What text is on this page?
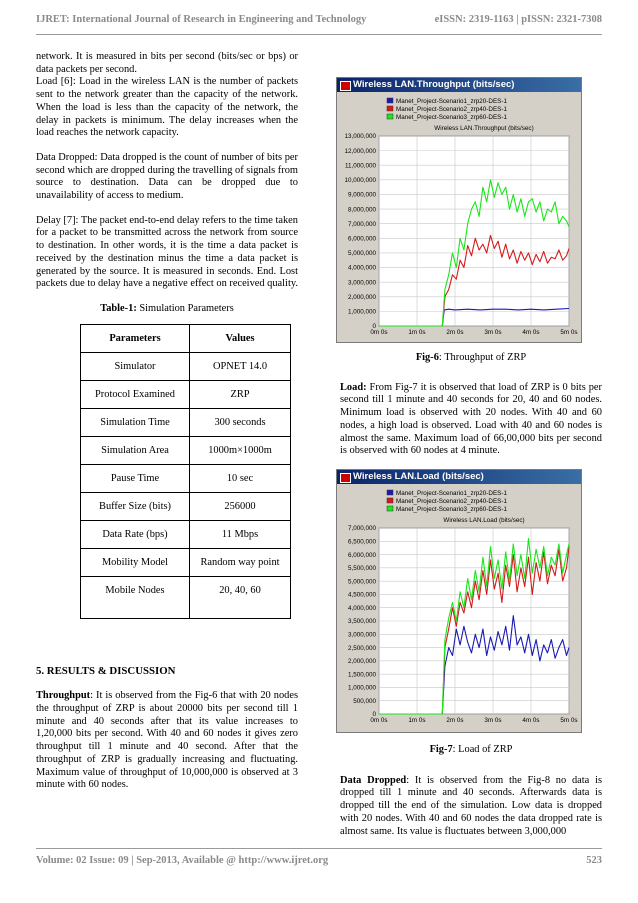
IJRET: International Journal of Research in Engineering and Technology	eISSN: 2319-1163 | pISSN: 2321-7308

network. It is measured in bits per second (bits/sec or bps) or data packets per second.

Load [6]: Load in the wireless LAN is the number of packets sent to the network greater than the capacity of the network. When the load is less than the capacity of the network, the delay in packets is minimum. The delay increases when the load reaches the network capacity.

Data Dropped: Data dropped is the count of number of bits per second which are dropped during the travelling of signals from source to destination. Data can be dropped due to unavailability of access to medium.

Delay [7]: The packet end-to-end delay refers to the time taken for a packet to be transmitted across the network from source to destination. In other words, it is the time a data packet is received by the destination minus the time a data packet is generated by the source. It is measured in seconds. End. Lost packets due to delay have a negative effect on received quality.

Table-1: Simulation Parameters
Parameters	Values
Simulator	OPNET 14.0
Protocol Examined	ZRP
Simulation Time	300 seconds
Simulation Area	1000m×1000m
Pause Time	10 sec
Buffer Size (bits)	256000
Data Rate (bps)	11 Mbps
Mobility Model	Random way point
Mobile Nodes	20, 40, 60
5. RESULTS & DISCUSSION

Throughput: It is observed from the Fig-6 that with 20 nodes the throughput of ZRP is about 20000 bits per second till 1 minute and 40 seconds after that its value increases to 1,20,000 bits per second. With 40 and 60 nodes it gives zero throughput till 1 minute and 40 second. After that the throughput of ZRP is gradually increasing and fluctuating. Maximum value of throughput of 10,000,000 is observed at 3 minute with 60 nodes.

Wireless LAN.Throughput (bits/sec)
Manet_Project-Scenario1_zrp20-DES-1
Manet_Project-Scenario2_zrp40-DES-1
Manet_Project-Scenario3_zrp60-DES-1
Wireless LAN.Throughput (bits/sec)
0
1,000,000
2,000,000
3,000,000
4,000,000
5,000,000
6,000,000
7,000,000
8,000,000
9,000,000
10,000,000
11,000,000
12,000,000
13,000,000
0m 0s	1m 0s	2m 0s	3m 0s	4m 0s	5m 0s
Fig-6: Throughput of ZRP

Load: From Fig-7 it is observed that load of ZRP is 0 bits per second till 1 minute and 40 seconds for 20, 40 and 60 nodes. Minimum load is observed with 20 nodes. With 40 and 60 nodes, a high load is observed. Load with 40 and 60 nodes is almost the same. Maximum load of 66,00,000 bits per second is observed with 60 nodes at 4 minute.

Wireless LAN.Load (bits/sec)
Manet_Project-Scenario1_zrp20-DES-1
Manet_Project-Scenario2_zrp40-DES-1
Manet_Project-Scenario3_zrp60-DES-1
Wireless LAN.Load (bits/sec)
0
500,000
1,000,000
1,500,000
2,000,000
2,500,000
3,000,000
3,500,000
4,000,000
4,500,000
5,000,000
5,500,000
6,000,000
6,500,000
7,000,000
0m 0s	1m 0s	2m 0s	3m 0s	4m 0s	5m 0s
Fig-7: Load of ZRP

Data Dropped: It is observed from the Fig-8 no data is dropped till 1 minute and 40 seconds. Afterwards data is dropped till the end of the simulation. Low data is dropped with 20 nodes. With 40 and 60 nodes the data dropped rate is almost same. Its value is fluctuates between 3,000,000

Volume: 02 Issue: 09 | Sep-2013, Available @ http://www.ijret.org	523
